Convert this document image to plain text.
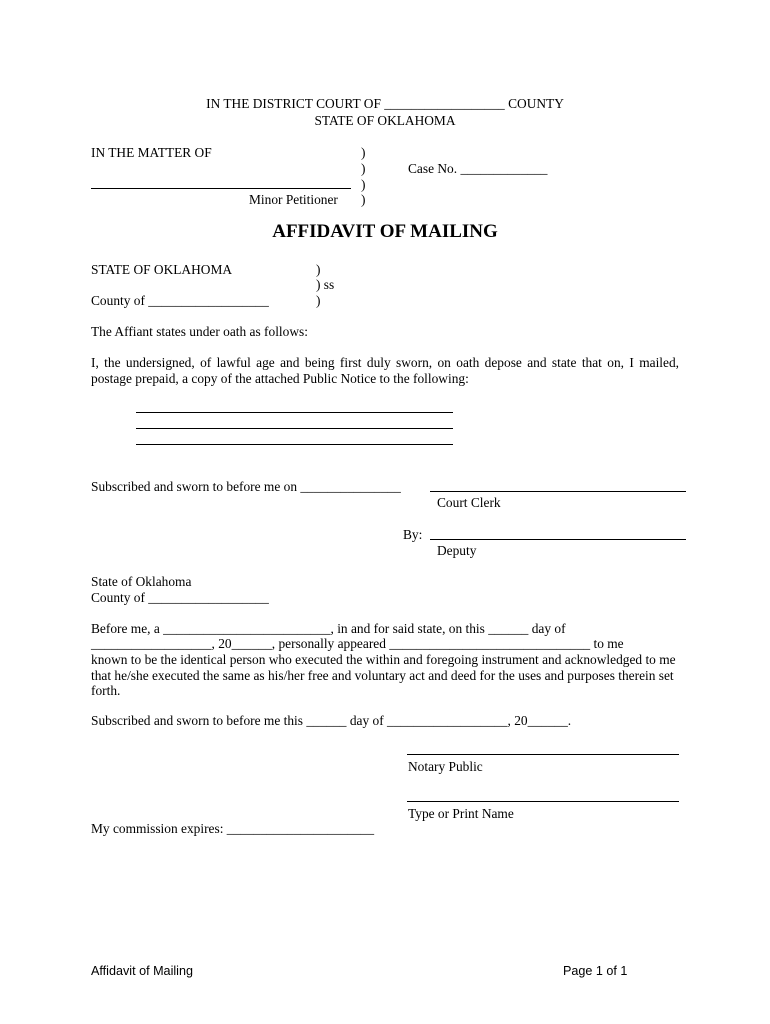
IN THE DISTRICT COURT OF __________________ COUNTY
STATE OF OKLAHOMA
IN THE MATTER OF	)
)	Case No. _____________
)
Minor Petitioner )
AFFIDAVIT OF MAILING
STATE OF OKLAHOMA	)
) ss
County of __________________	)
The Affiant states under oath as follows:
I, the undersigned, of lawful age and being first duly sworn, on oath depose and state that on, I mailed, postage prepaid, a copy of the attached Public Notice to the following:
Subscribed and sworn to before me on _______________
Court Clerk
By:
Deputy
State of Oklahoma
County of __________________
Before me, a _________________________, in and for said state, on this ______ day of
__________________, 20______, personally appeared ______________________________ to me
known to be the identical person who executed the within and foregoing instrument and acknowledged to me that he/she executed the same as his/her free and voluntary act and deed for the uses and purposes therein set forth.
Subscribed and sworn to before me this ______ day of __________________, 20______.
Notary Public
Type or Print Name
My commission expires: ______________________
Affidavit of Mailing	Page 1 of 1
